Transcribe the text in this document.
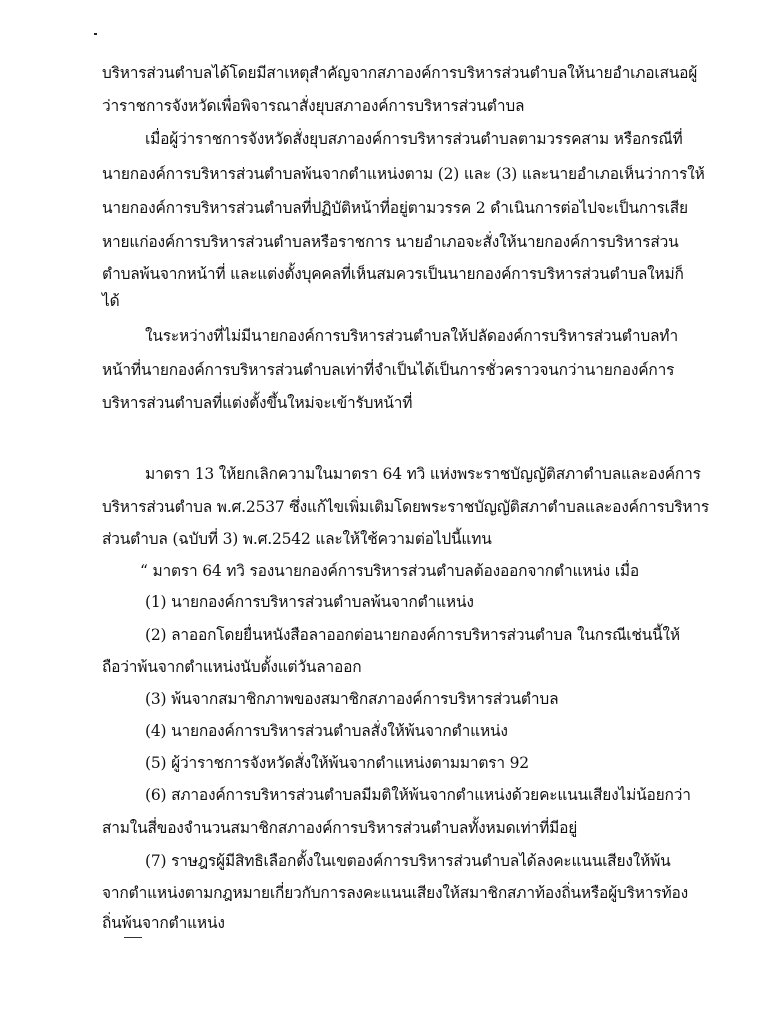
บริหารส่วนตำบลได้โดยมีสาเหตุสำคัญจากสภาองค์การบริหารส่วนตำบลให้นายอำเภอเสนอผู้
ว่าราชการจังหวัดเพื่อพิจารณาสั่งยุบสภาองค์การบริหารส่วนตำบล
เมื่อผู้ว่าราชการจังหวัดสั่งยุบสภาองค์การบริหารส่วนตำบลตามวรรคสาม หรือกรณีที่
นายกองค์การบริหารส่วนตำบลพ้นจากตำแหน่งตาม (2) และ (3) และนายอำเภอเห็นว่าการให้
นายกองค์การบริหารส่วนตำบลที่ปฏิบัติหน้าที่อยู่ตามวรรค 2 ดำเนินการต่อไปจะเป็นการเสีย
หายแก่องค์การบริหารส่วนตำบลหรือราชการ นายอำเภอจะสั่งให้นายกองค์การบริหารส่วน
ตำบลพ้นจากหน้าที่ และแต่งตั้งบุคคลที่เห็นสมควรเป็นนายกองค์การบริหารส่วนตำบลใหม่ก็
ได้
ในระหว่างที่ไม่มีนายกองค์การบริหารส่วนตำบลให้ปลัดองค์การบริหารส่วนตำบลทำ
หน้าที่นายกองค์การบริหารส่วนตำบลเท่าที่จำเป็นได้เป็นการชั่วคราวจนกว่านายกองค์การ
บริหารส่วนตำบลที่แต่งตั้งขึ้นใหม่จะเข้ารับหน้าที่
มาตรา 13 ให้ยกเลิกความในมาตรา 64 ทวิ แห่งพระราชบัญญัติสภาตำบลและองค์การ
บริหารส่วนตำบล พ.ศ.2537 ซึ่งแก้ไขเพิ่มเติมโดยพระราชบัญญัติสภาตำบลและองค์การบริหาร
ส่วนตำบล (ฉบับที่ 3) พ.ศ.2542 และให้ใช้ความต่อไปนี้แทน
“ มาตรา 64 ทวิ รองนายกองค์การบริหารส่วนตำบลต้องออกจากตำแหน่ง เมื่อ
(1) นายกองค์การบริหารส่วนตำบลพ้นจากตำแหน่ง
(2) ลาออกโดยยื่นหนังสือลาออกต่อนายกองค์การบริหารส่วนตำบล ในกรณีเช่นนี้ให้
ถือว่าพ้นจากตำแหน่งนับตั้งแต่วันลาออก
(3) พ้นจากสมาชิกภาพของสมาชิกสภาองค์การบริหารส่วนตำบล
(4) นายกองค์การบริหารส่วนตำบลสั่งให้พ้นจากตำแหน่ง
(5) ผู้ว่าราชการจังหวัดสั่งให้พ้นจากตำแหน่งตามมาตรา 92
(6) สภาองค์การบริหารส่วนตำบลมีมติให้พ้นจากตำแหน่งด้วยคะแนนเสียงไม่น้อยกว่า
สามในสี่ของจำนวนสมาชิกสภาองค์การบริหารส่วนตำบลทั้งหมดเท่าที่มีอยู่
(7) ราษฎรผู้มีสิทธิเลือกตั้งในเขตองค์การบริหารส่วนตำบลได้ลงคะแนนเสียงให้พ้น
จากตำแหน่งตามกฎหมายเกี่ยวกับการลงคะแนนเสียงให้สมาชิกสภาท้องถิ่นหรือผู้บริหารท้อง
ถิ่นพ้นจากตำแหน่ง
